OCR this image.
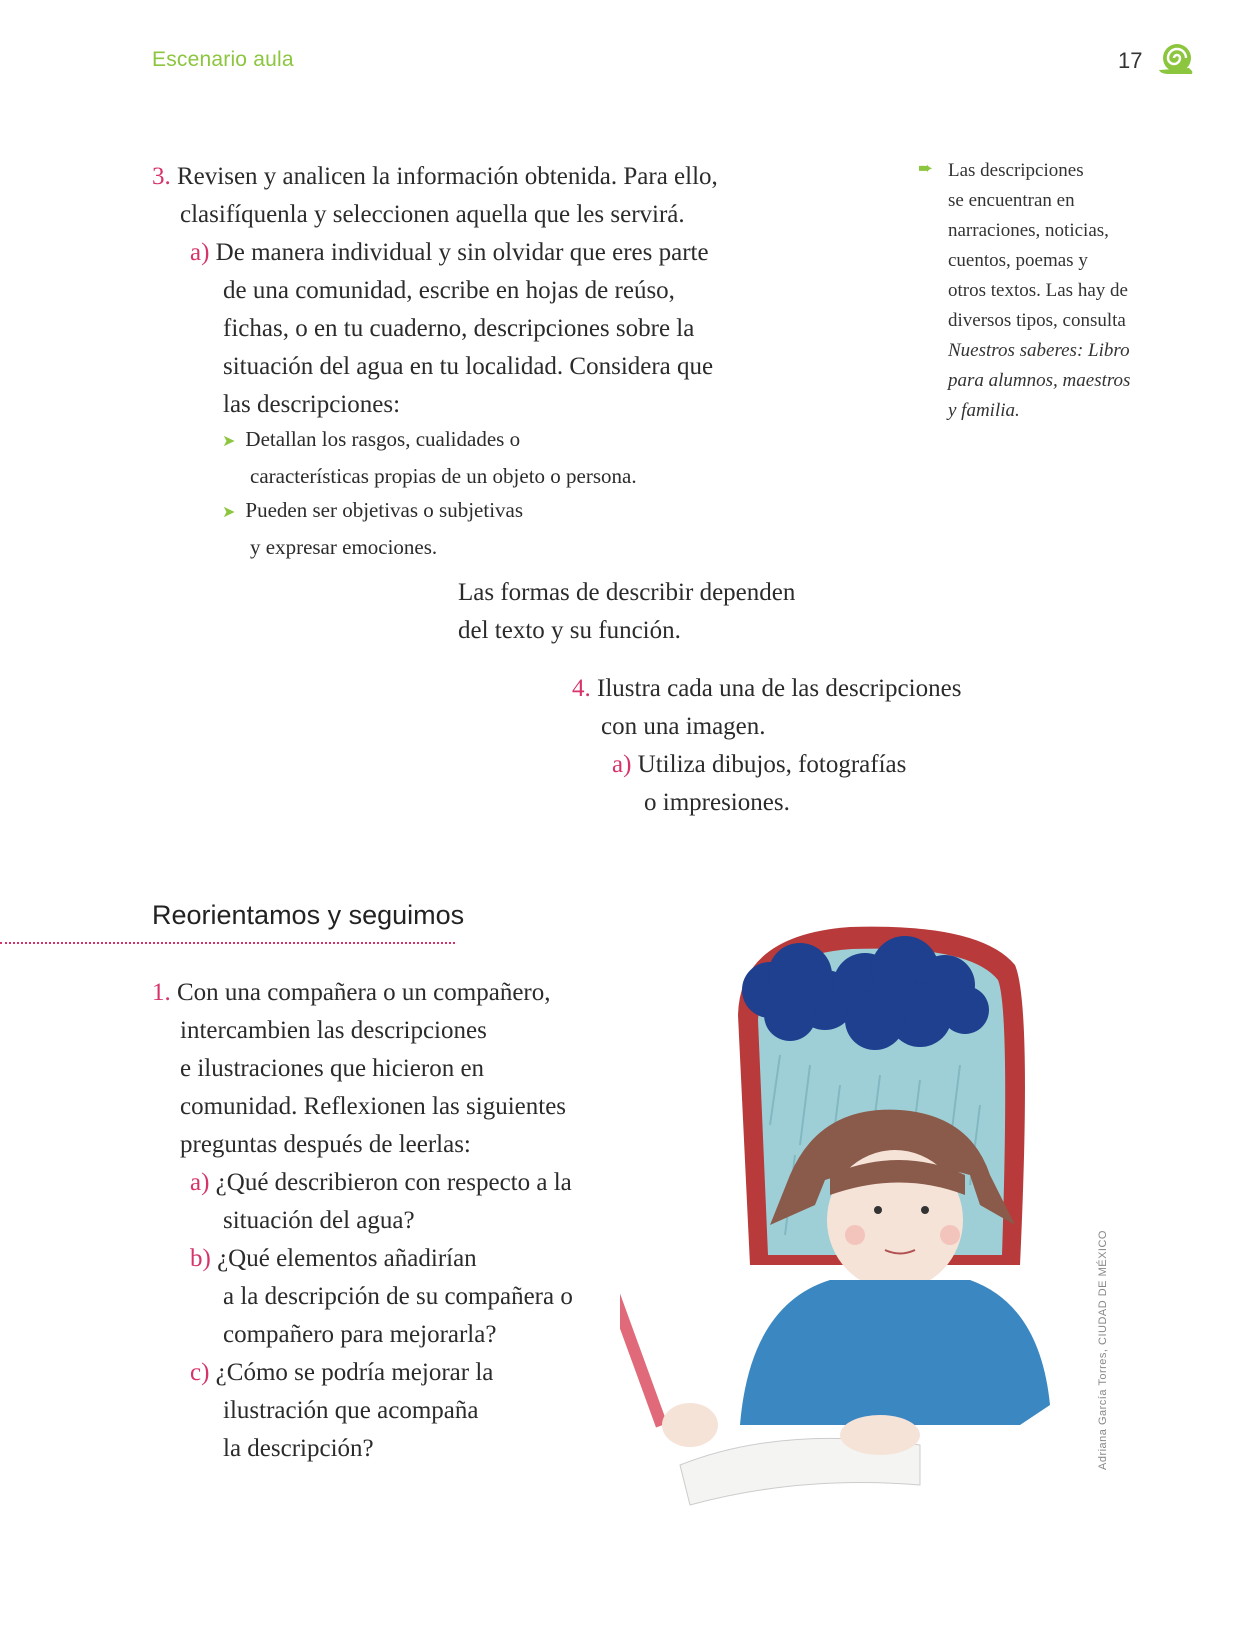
Escenario aula	17
3. Revisen y analicen la información obtenida. Para ello,
clasifíquenla y seleccionen aquella que les servirá.
a) De manera individual y sin olvidar que eres parte
de una comunidad, escribe en hojas de reúso,
fichas, o en tu cuaderno, descripciones sobre la
situación del agua en tu localidad. Considera que
las descripciones:
➤ Detallan los rasgos, cualidades o
características propias de un objeto o persona.
➤ Pueden ser objetivas o subjetivas
y expresar emociones.
➨ Las descripciones
se encuentran en
narraciones, noticias,
cuentos, poemas y
otros textos. Las hay de
diversos tipos, consulta
Nuestros saberes: Libro
para alumnos, maestros
y familia.
Las formas de describir dependen
del texto y su función.
4. Ilustra cada una de las descripciones
con una imagen.
a) Utiliza dibujos, fotografías
o impresiones.
Reorientamos y seguimos
1. Con una compañera o un compañero,
intercambien las descripciones
e ilustraciones que hicieron en
comunidad. Reflexionen las siguientes
preguntas después de leerlas:
a) ¿Qué describieron con respecto a la
situación del agua?
b) ¿Qué elementos añadirían
a la descripción de su compañera o
compañero para mejorarla?
c) ¿Cómo se podría mejorar la
ilustración que acompaña
la descripción?	Adriana García Torres, CIUDAD DE MÉXICO
